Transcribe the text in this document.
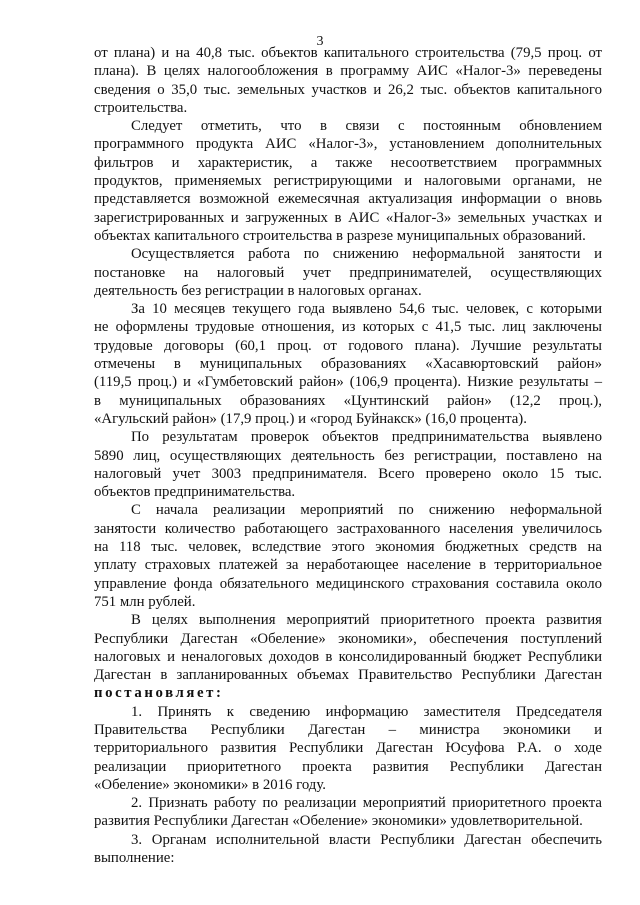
3
от плана) и на 40,8 тыс. объектов капитального строительства (79,5 проц. от
плана). В целях налогообложения в программу АИС «Налог-3» переведены
сведения о 35,0 тыс. земельных участков и 26,2 тыс. объектов капитального
строительства.
Следует отметить, что в связи с постоянным обновлением
программного продукта АИС «Налог-3», установлением дополнительных
фильтров и характеристик, а также несоответствием программных
продуктов, применяемых регистрирующими и налоговыми органами, не
представляется возможной ежемесячная актуализация информации о вновь
зарегистрированных и загруженных в АИС «Налог-3» земельных участках и
объектах капитального строительства в разрезе муниципальных образований.
Осуществляется работа по снижению неформальной занятости и
постановке на налоговый учет предпринимателей, осуществляющих
деятельность без регистрации в налоговых органах.
За 10 месяцев текущего года выявлено 54,6 тыс. человек, с которыми
не оформлены трудовые отношения, из которых с 41,5 тыс. лиц заключены
трудовые договоры (60,1 проц. от годового плана). Лучшие результаты
отмечены в муниципальных образованиях «Хасавюртовский район»
(119,5 проц.) и «Гумбетовский район» (106,9 процента). Низкие результаты –
в муниципальных образованиях «Цунтинский район» (12,2 проц.),
«Агульский район» (17,9 проц.) и «город Буйнакск» (16,0 процента).
По результатам проверок объектов предпринимательства выявлено
5890 лиц, осуществляющих деятельность без регистрации, поставлено на
налоговый учет 3003 предпринимателя. Всего проверено около 15 тыс.
объектов предпринимательства.
С начала реализации мероприятий по снижению неформальной
занятости количество работающего застрахованного населения увеличилось
на 118 тыс. человек, вследствие этого экономия бюджетных средств на
уплату страховых платежей за неработающее население в территориальное
управление фонда обязательного медицинского страхования составила около
751 млн рублей.
В целях выполнения мероприятий приоритетного проекта развития
Республики Дагестан «Обеление» экономики», обеспечения поступлений
налоговых и неналоговых доходов в консолидированный бюджет Республики
Дагестан в запланированных объемах Правительство Республики Дагестан
постановляет:
1. Принять к сведению информацию заместителя Председателя
Правительства Республики Дагестан – министра экономики и
территориального развития Республики Дагестан Юсуфова Р.А. о ходе
реализации приоритетного проекта развития Республики Дагестан
«Обеление» экономики» в 2016 году.
2. Признать работу по реализации мероприятий приоритетного проекта
развития Республики Дагестан «Обеление» экономики» удовлетворительной.
3. Органам исполнительной власти Республики Дагестан обеспечить
выполнение:
